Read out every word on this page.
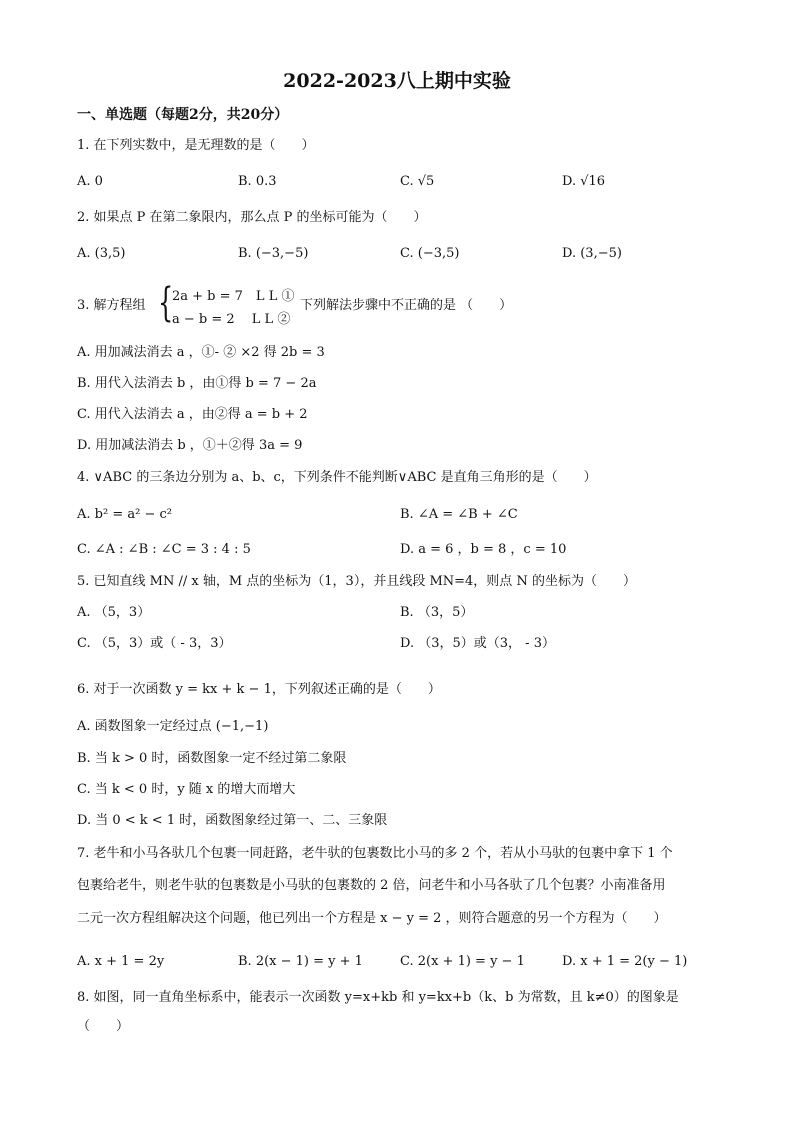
2022-2023八上期中实验
一、单选题（每题2分，共20分）
1. 在下列实数中，是无理数的是（　　）
A. 0	B. 0.3	C. √5	D. √16
2. 如果点 P 在第二象限内，那么点 P 的坐标可能为（　　）
A. (3,5)	B. (−3,−5)	C. (−3,5)	D. (3,−5)
3. 解方程组 {
2a + b = 7　L L ①
a − b = 2　 L L ②
下列解法步骤中不正确的是 （　　）
A. 用加减法消去 a ，①- ② ×2 得 2b = 3
B. 用代入法消去 b ，由①得 b = 7 − 2a
C. 用代入法消去 a ，由②得 a = b + 2
D. 用加减法消去 b ，①＋②得 3a = 9
4. ∨ABC 的三条边分别为 a、b、c，下列条件不能判断∨ABC 是直角三角形的是（　　）
A. b² = a² − c²	B. ∠A = ∠B + ∠C
C. ∠A : ∠B : ∠C = 3 : 4 : 5	D. a = 6 ，b = 8 ，c = 10
5. 已知直线 MN // x 轴，M 点的坐标为（1，3），并且线段 MN=4，则点 N 的坐标为（　　）
A. （5，3）	B. （3，5）
C. （5，3）或（ - 3，3）	D. （3，5）或（3， - 3）
6. 对于一次函数 y = kx + k − 1，下列叙述正确的是（　　）
A. 函数图象一定经过点 (−1,−1)
B. 当 k > 0 时，函数图象一定不经过第二象限
C. 当 k < 0 时，y 随 x 的增大而增大
D. 当 0 < k < 1 时，函数图象经过第一、二、三象限
7. 老牛和小马各驮几个包裹一同赶路，老牛驮的包裹数比小马的多 2 个，若从小马驮的包裹中拿下 1 个
包裹给老牛，则老牛驮的包裹数是小马驮的包裹数的 2 倍，问老牛和小马各驮了几个包裹？小南准备用
二元一次方程组解决这个问题，他已列出一个方程是 x − y = 2 ，则符合题意的另一个方程为（　　）
A. x + 1 = 2y	B. 2(x − 1) = y + 1	C. 2(x + 1) = y − 1	D. x + 1 = 2(y − 1)
8. 如图，同一直角坐标系中，能表示一次函数 y=x+kb 和 y=kx+b（k、b 为常数，且 k≠0）的图象是
（　　）
